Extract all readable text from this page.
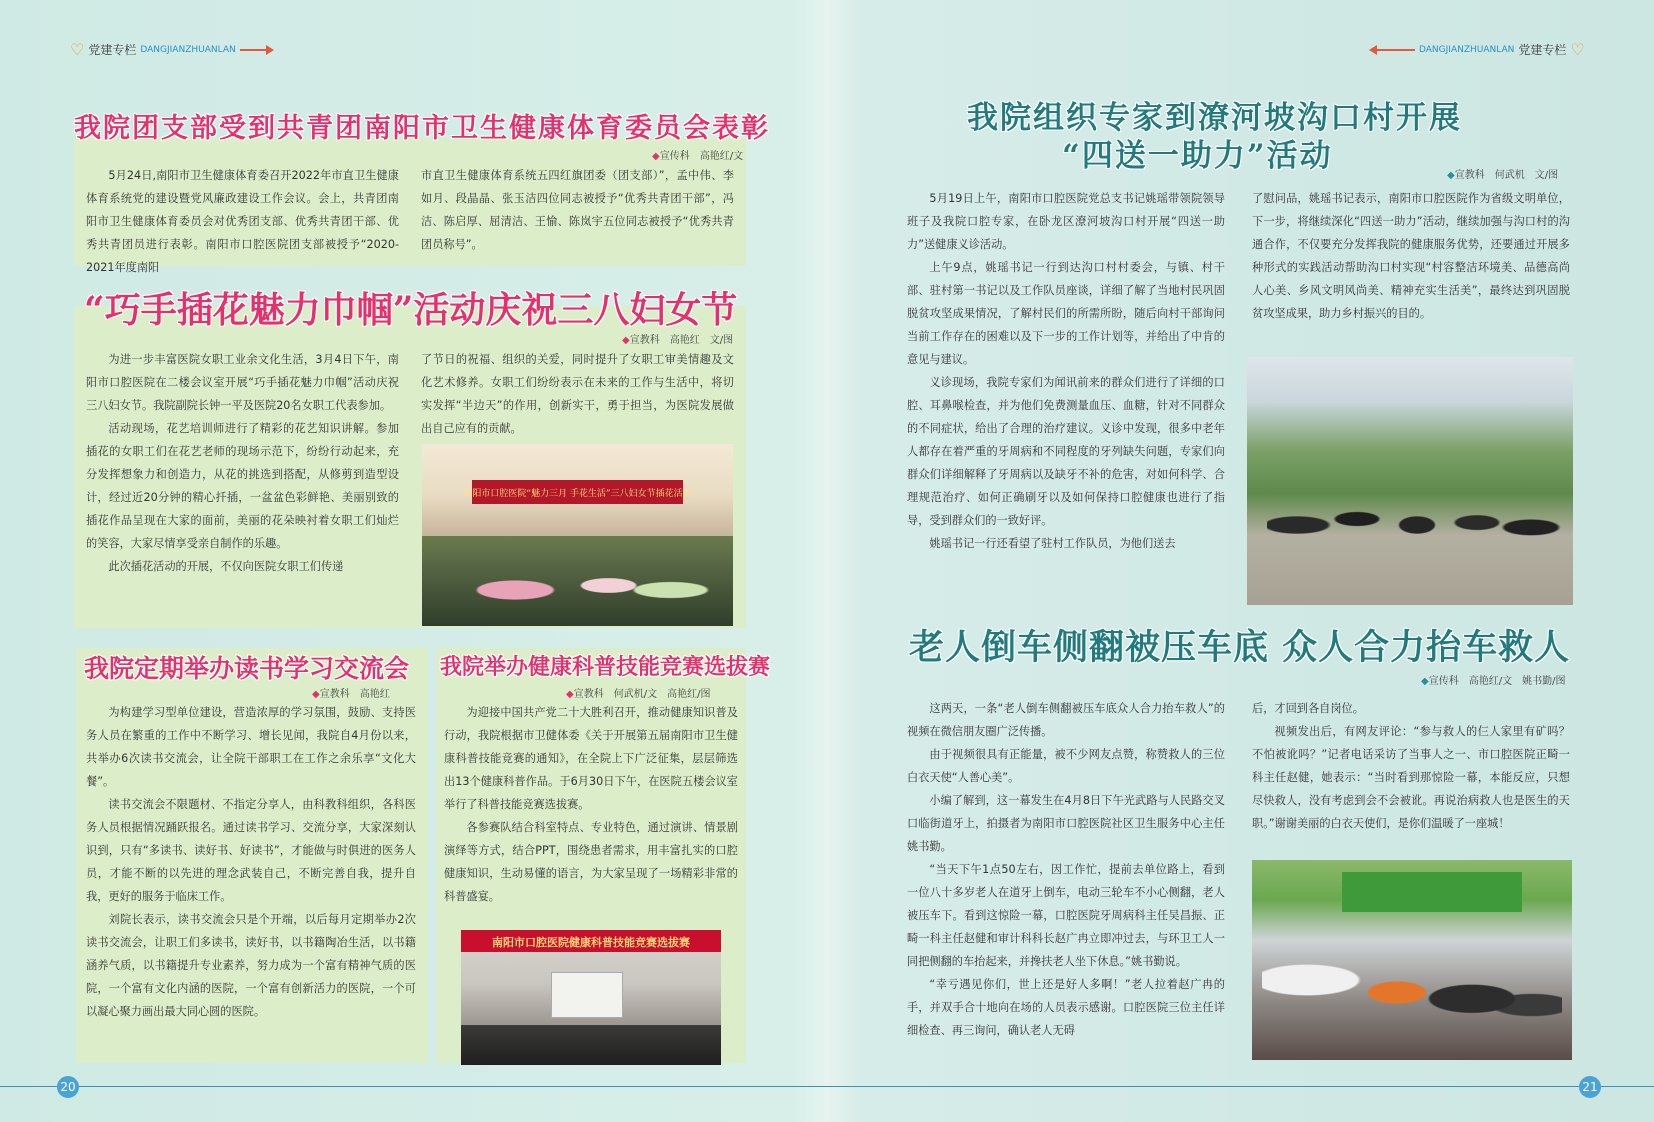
♡ 党建专栏 DANGJIANZHUANLAN
我院团支部受到共青团南阳市卫生健康体育委员会表彰
◆宣传科　高艳红/文

5月24日,南阳市卫生健康体育委召开2022年市直卫生健康体育系统党的建设暨党风廉政建设工作会议。会上，共青团南阳市卫生健康体育委员会对优秀团支部、优秀共青团干部、优秀共青团员进行表彰。南阳市口腔医院团支部被授予“2020-2021年度南阳

市直卫生健康体育系统五四红旗团委（团支部）”，孟中伟、李如月、段晶晶、张玉洁四位同志被授予“优秀共青团干部”，冯洁、陈启厚、屈清洁、王愉、陈岚宇五位同志被授予“优秀共青团员称号”。

“巧手插花魅力巾帼”活动庆祝三八妇女节
◆宣教科　高艳红　文/图

为进一步丰富医院女职工业余文化生活，3月4日下午，南阳市口腔医院在二楼会议室开展“巧手插花魅力巾帼”活动庆祝三八妇女节。我院副院长钟一平及医院20名女职工代表参加。

活动现场，花艺培训师进行了精彩的花艺知识讲解。参加插花的女职工们在花艺老师的现场示范下，纷纷行动起来，充分发挥想象力和创造力，从花的挑选到搭配，从修剪到造型设计，经过近20分钟的精心扦插，一盆盆色彩鲜艳、美丽别致的插花作品呈现在大家的面前，美丽的花朵映衬着女职工们灿烂的笑容，大家尽情享受亲自制作的乐趣。

此次插花活动的开展，不仅向医院女职工们传递

了节日的祝福、组织的关爱，同时提升了女职工审美情趣及文化艺术修养。女职工们纷纷表示在未来的工作与生活中，将切实发挥“半边天”的作用，创新实干，勇于担当，为医院发展做出自己应有的贡献。

南阳市口腔医院“魅力三月 手花生活”三八妇女节插花活动
我院定期举办读书学习交流会
◆宣教科　高艳红

为构建学习型单位建设，营造浓厚的学习氛围，鼓励、支持医务人员在繁重的工作中不断学习、增长见闻，我院自4月份以来，共举办6次读书交流会，让全院干部职工在工作之余乐享“文化大餐”。

读书交流会不限题材、不指定分享人，由科教科组织，各科医务人员根据情况踊跃报名。通过读书学习、交流分享，大家深刻认识到，只有“多读书、读好书、好读书”，才能做与时俱进的医务人员，才能不断的以先进的理念武装自己，不断完善自我，提升自我，更好的服务于临床工作。

刘院长表示，读书交流会只是个开端，以后每月定期举办2次读书交流会，让职工们多读书，读好书，以书籍陶冶生活，以书籍涵养气质，以书籍提升专业素养，努力成为一个富有精神气质的医院，一个富有文化内涵的医院，一个富有创新活力的医院，一个可以凝心聚力画出最大同心圆的医院。

我院举办健康科普技能竞赛选拔赛
◆宣教科　何武机/文　高艳红/图

为迎接中国共产党二十大胜利召开，推动健康知识普及行动，我院根据市卫健体委《关于开展第五届南阳市卫生健康科普技能竞赛的通知》，在全院上下广泛征集，层层筛选出13个健康科普作品。于6月30日下午，在医院五楼会议室举行了科普技能竞赛选拔赛。

各参赛队结合科室特点、专业特色，通过演讲、情景剧演绎等方式，结合PPT，围绕患者需求，用丰富扎实的口腔健康知识，生动易懂的语言，为大家呈现了一场精彩非常的科普盛宴。

南阳市口腔医院健康科普技能竞赛选拔赛
20
DANGJIANZHUANLAN 党建专栏 ♡
我院组织专家到潦河坡沟口村开展
“四送一助力”活动
◆宣教科　何武机　文/图

5月19日上午，南阳市口腔医院党总支书记姚瑶带领院领导班子及我院口腔专家，在卧龙区潦河坡沟口村开展“四送一助力”送健康义诊活动。

上午9点，姚瑶书记一行到达沟口村村委会，与镇、村干部、驻村第一书记以及工作队员座谈，详细了解了当地村民巩固脱贫攻坚成果情况，了解村民们的所需所盼，随后向村干部询问当前工作存在的困难以及下一步的工作计划等，并给出了中肯的意见与建议。

义诊现场，我院专家们为闻讯前来的群众们进行了详细的口腔、耳鼻喉检查，并为他们免费测量血压、血糖，针对不同群众的不同症状，给出了合理的治疗建议。义诊中发现，很多中老年人都存在着严重的牙周病和不同程度的牙列缺失问题，专家们向群众们详细解释了牙周病以及缺牙不补的危害，对如何科学、合理规范治疗、如何正确刷牙以及如何保持口腔健康也进行了指导，受到群众们的一致好评。

姚瑶书记一行还看望了驻村工作队员，为他们送去

了慰问品，姚瑶书记表示，南阳市口腔医院作为省级文明单位，下一步，将继续深化“四送一助力”活动，继续加强与沟口村的沟通合作，不仅要充分发挥我院的健康服务优势，还要通过开展多种形式的实践活动帮助沟口村实现“村容整洁环境美、品德高尚人心美、乡风文明风尚美、精神充实生活美”，最终达到巩固脱贫攻坚成果，助力乡村振兴的目的。

老人倒车侧翻被压车底 众人合力抬车救人
◆宣传科　高艳红/文　姚书勤/图

这两天，一条“老人倒车侧翻被压车底众人合力抬车救人”的视频在微信朋友圈广泛传播。

由于视频很具有正能量，被不少网友点赞，称赞救人的三位白衣天使“人善心美”。

小编了解到，这一幕发生在4月8日下午光武路与人民路交叉口临街道牙上，拍摄者为南阳市口腔医院社区卫生服务中心主任姚书勤。

“当天下午1点50左右，因工作忙，提前去单位路上，看到一位八十多岁老人在道牙上倒车，电动三轮车不小心侧翻，老人被压车下。看到这惊险一幕，口腔医院牙周病科主任吴昌振、正畸一科主任赵健和审计科科长赵广冉立即冲过去，与环卫工人一同把侧翻的车抬起来，并搀扶老人坐下休息。”姚书勤说。

“幸亏遇见你们，世上还是好人多啊！”老人拉着赵广冉的手，并双手合十地向在场的人员表示感谢。口腔医院三位主任详细检查、再三询问，确认老人无碍

后，才回到各自岗位。

视频发出后，有网友评论：“参与救人的仨人家里有矿吗？不怕被讹吗？”记者电话采访了当事人之一、市口腔医院正畸一科主任赵健，她表示：“当时看到那惊险一幕，本能反应，只想尽快救人，没有考虑到会不会被讹。再说治病救人也是医生的天职。”谢谢美丽的白衣天使们，是你们温暖了一座城！

21
